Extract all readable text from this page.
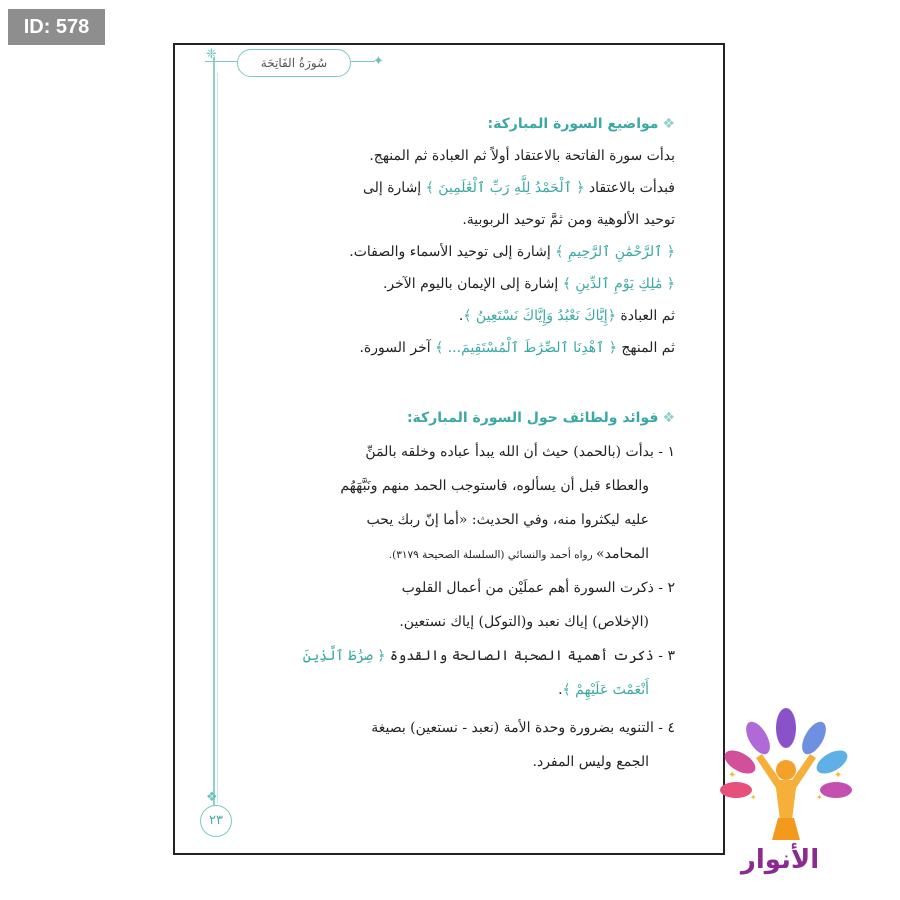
ID: 578
❈	✦
سُورَةُ الفَاتِحَة
❖
٢٣
❖مواضيع السورة المباركة:
بدأت سورة الفاتحة بالاعتقاد أولاً ثم العبادة ثم المنهج.
فبدأت بالاعتقاد ﴿ ٱلْحَمْدُ لِلَّهِ رَبِّ ٱلْعَٰلَمِينَ ﴾ إشارة إلى
توحيد الألوهية ومن ثمَّ توحيد الربوبية.
﴿ ٱلرَّحْمَٰنِ ٱلرَّحِيمِ ﴾ إشارة إلى توحيد الأسماء والصفات.
﴿ مَٰلِكِ يَوْمِ ٱلدِّينِ ﴾ إشارة إلى الإيمان باليوم الآخر.
ثم العبادة ﴿إِيَّاكَ نَعْبُدُ وَإِيَّاكَ نَسْتَعِينُ ﴾.
ثم المنهج ﴿ ٱهْدِنَا ٱلصِّرَٰطَ ٱلْمُسْتَقِيمَ... ﴾ آخر السورة.
❖فوائد ولطائف حول السورة المباركة:
١ - بدأت (بالحمد) حيث أن الله يبدأ عباده وخلقه بالمَنِّ
والعطاء قبل أن يسألوه، فاستوجب الحمد منهم ونَبَّهَهُم
عليه ليكثروا منه، وفي الحديث: «أما إنّ ربك يحب
المحامد» رواه أحمد والنسائي (السلسلة الصحيحة ٣١٧٩).
٢ - ذكرت السورة أهم عملَيْن من أعمال القلوب
(الإخلاص) إياك نعبد و(التوكل) إياك نستعين.
٣ - ذكرت أهمية الصحبة الصالحة والقدوة ﴿ صِرَٰطَ ٱلَّذِينَ
أَنْعَمْتَ عَلَيْهِمْ ﴾.
٤ - التنويه بضرورة وحدة الأمة (نعبد - نستعين) بصيغة
الجمع وليس المفرد.
✦	✦
✦	✦
الأنوار
